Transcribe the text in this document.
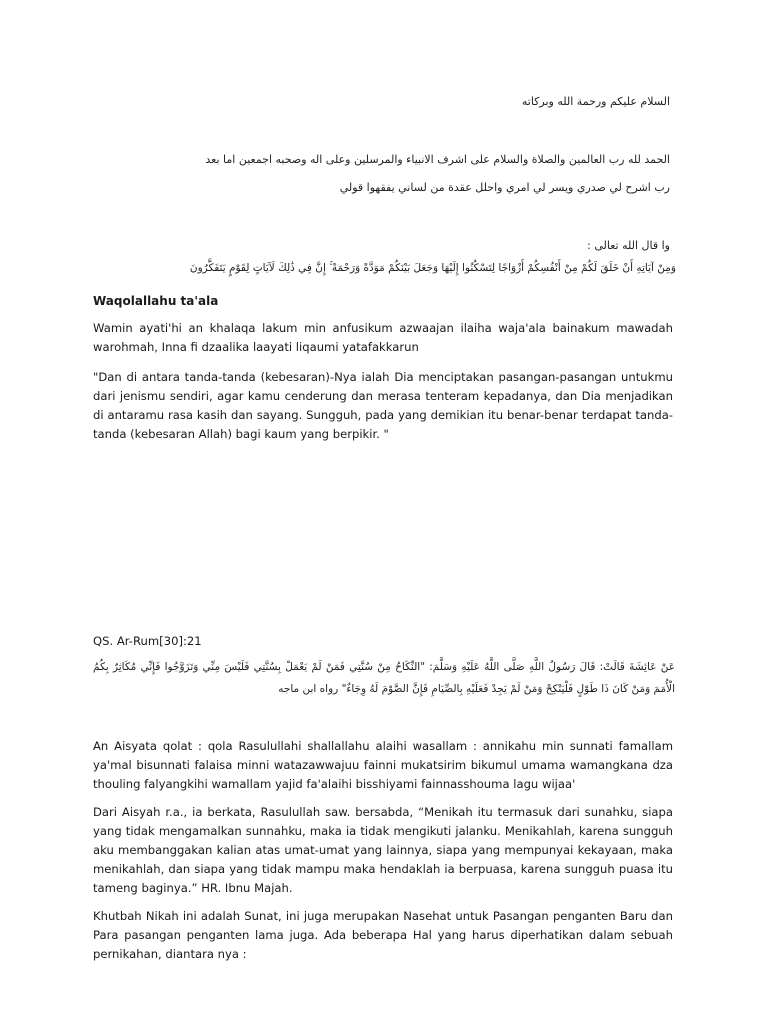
السلام عليكم ورحمة الله وبركاته
الحمد لله رب العالمين والصلاة والسلام على اشرف الانبياء والمرسلين وعلى اله وصحبه اجمعين اما بعد
رب اشرح لي صدري ويسر لي امري واحلل عقدة من لساني يفقهوا قولي
وا قال الله تعالى :
وَمِنْ آيَاتِهِ أَنْ خَلَقَ لَكُمْ مِنْ أَنْفُسِكُمْ أَزْوَاجًا لِتَسْكُنُوا إِلَيْهَا وَجَعَلَ بَيْنَكُمْ مَوَدَّةً وَرَحْمَةً ۚ إِنَّ فِي ذَٰلِكَ لَآيَاتٍ لِقَوْمٍ يَتَفَكَّرُونَ
Waqolallahu ta'ala
Wamin ayati'hi an khalaqa lakum min anfusikum azwaajan ilaiha waja'ala bainakum mawadah warohmah, Inna fi dzaalika laayati liqaumi yatafakkarun
"Dan di antara tanda-tanda (kebesaran)-Nya ialah Dia menciptakan pasangan-pasangan untukmu dari jenismu sendiri, agar kamu cenderung dan merasa tenteram kepadanya, dan Dia menjadikan di antaramu rasa kasih dan sayang. Sungguh, pada yang demikian itu benar-benar terdapat tanda-tanda (kebesaran Allah) bagi kaum yang berpikir. "
QS. Ar-Rum[30]:21
عَنْ عَائِشَةَ قَالَتْ: قَالَ رَسُولُ اللَّهِ صَلَّى اللَّهُ عَلَيْهِ وَسَلَّمَ: "النِّكَاحُ مِنْ سُنَّتِي فَمَنْ لَمْ يَعْمَلْ بِسُنَّتِي فَلَيْسَ مِنِّي وَتَزَوَّجُوا فَإِنِّي مُكَاثِرٌ بِكُمُ الْأُمَمَ وَمَنْ كَانَ ذَا طَوْلٍ فَلْيَنْكِحْ وَمَنْ لَمْ يَجِدْ فَعَلَيْهِ بِالصِّيَامِ فَإِنَّ الصَّوْمَ لَهُ وِجَاءٌ" رواه ابن ماجه
An Aisyata qolat : qola Rasulullahi shallallahu alaihi wasallam : annikahu min sunnati famallam ya'mal bisunnati falaisa minni watazawwajuu fainni mukatsirim bikumul umama wamangkana dza thouling falyangkihi wamallam yajid fa'alaihi bisshiyami fainnasshouma lagu wijaa'
Dari Aisyah r.a., ia berkata, Rasulullah saw. bersabda, “Menikah itu termasuk dari sunahku, siapa yang tidak mengamalkan sunnahku, maka ia tidak mengikuti jalanku. Menikahlah, karena sungguh aku membanggakan kalian atas umat-umat yang lainnya, siapa yang mempunyai kekayaan, maka menikahlah, dan siapa yang tidak mampu maka hendaklah ia berpuasa, karena sungguh puasa itu tameng baginya.” HR. Ibnu Majah.
Khutbah Nikah ini adalah Sunat, ini juga merupakan Nasehat untuk Pasangan penganten Baru dan Para pasangan penganten lama juga. Ada beberapa Hal yang harus diperhatikan dalam sebuah pernikahan, diantara nya :
